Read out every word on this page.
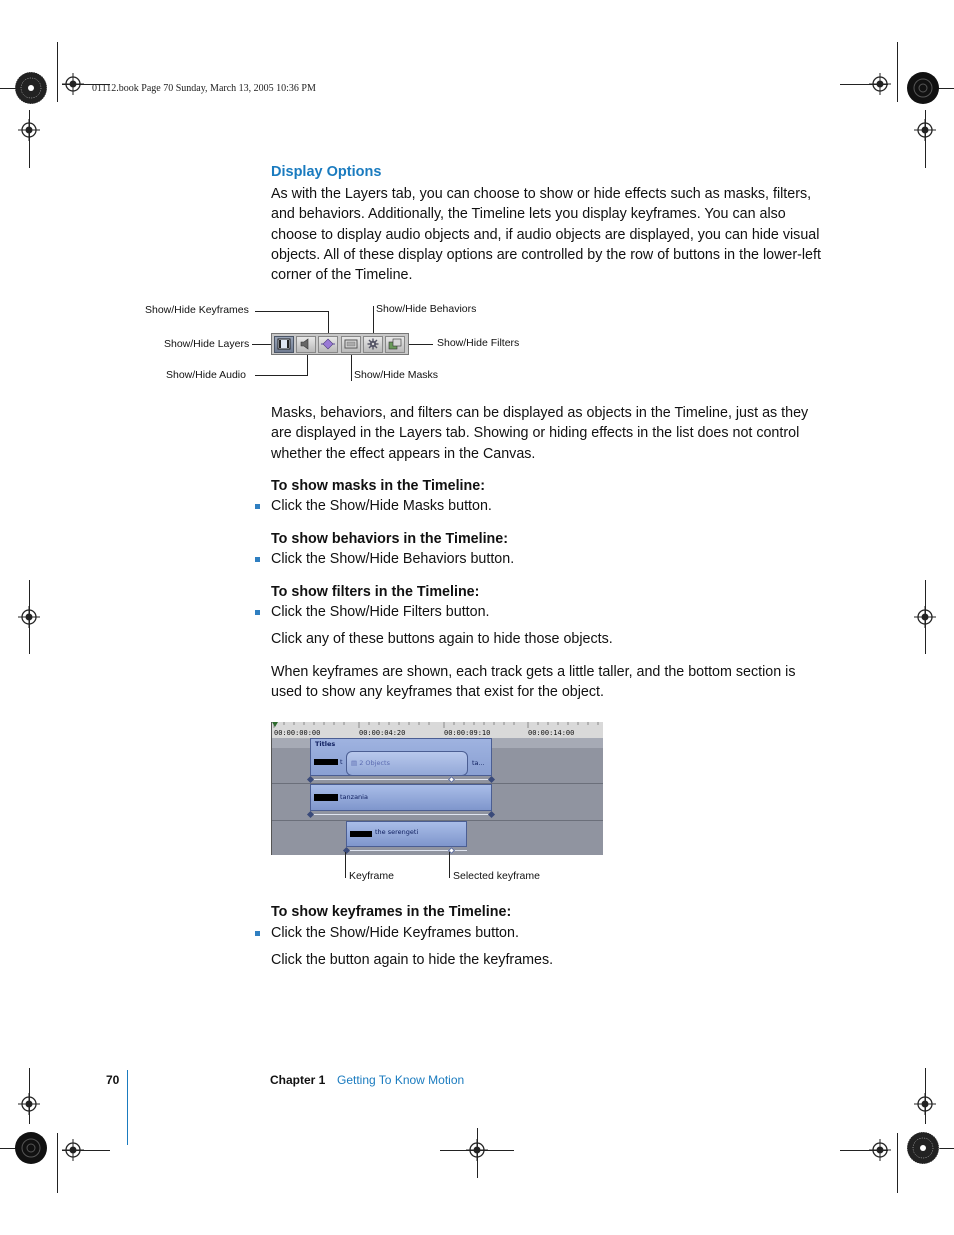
01112.book Page 70 Sunday, March 13, 2005 10:36 PM
Display Options
As with the Layers tab, you can choose to show or hide effects such as masks, filters, and behaviors. Additionally, the Timeline lets you display keyframes. You can also choose to display audio objects and, if audio objects are displayed, you can hide visual objects. All of these display options are controlled by the row of buttons in the lower-left corner of the Timeline.
Show/Hide Keyframes
Show/Hide Layers
Show/Hide Audio
Show/Hide Behaviors
Show/Hide Filters
Show/Hide Masks
Masks, behaviors, and filters can be displayed as objects in the Timeline, just as they are displayed in the Layers tab. Showing or hiding effects in the list does not control whether the effect appears in the Canvas.
To show masks in the Timeline:
Click the Show/Hide Masks button.
To show behaviors in the Timeline:
Click the Show/Hide Behaviors button.
To show filters in the Timeline:
Click the Show/Hide Filters button.
Click any of these buttons again to hide those objects.
When keyframes are shown, each track gets a little taller, and the bottom section is used to show any keyframes that exist for the object.
00:00:00:00	00:00:04:20	00:00:09:10	00:00:14:00
Titles
t ▤ 2 Objects	ta...
tanzania
the serengeti
Keyframe	Selected keyframe
To show keyframes in the Timeline:
Click the Show/Hide Keyframes button.
Click the button again to hide the keyframes.
70	Chapter 1 Getting To Know Motion
